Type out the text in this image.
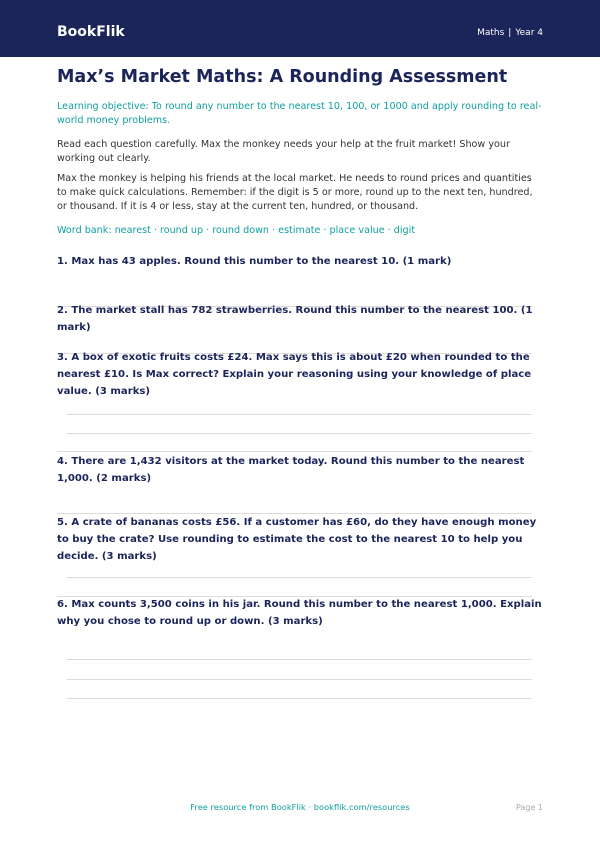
BookFlik	Maths | Year 4
Max’s Market Maths: A Rounding Assessment

Learning objective: To round any number to the nearest 10, 100, or 1000 and apply rounding to real-world money problems.

Read each question carefully. Max the monkey needs your help at the fruit market! Show your working out clearly.

Max the monkey is helping his friends at the local market. He needs to round prices and quantities to make quick calculations. Remember: if the digit is 5 or more, round up to the next ten, hundred, or thousand. If it is 4 or less, stay at the current ten, hundred, or thousand.

Word bank: nearest · round up · round down · estimate · place value · digit

1. Max has 43 apples. Round this number to the nearest 10. (1 mark)
2. The market stall has 782 strawberries. Round this number to the nearest 100. (1 mark)
3. A box of exotic fruits costs £24. Max says this is about £20 when rounded to the nearest £10. Is Max correct? Explain your reasoning using your knowledge of place value. (3 marks)
4. There are 1,432 visitors at the market today. Round this number to the nearest 1,000. (2 marks)
5. A crate of bananas costs £56. If a customer has £60, do they have enough money to buy the crate? Use rounding to estimate the cost to the nearest 10 to help you decide. (3 marks)
6. Max counts 3,500 coins in his jar. Round this number to the nearest 1,000. Explain why you chose to round up or down. (3 marks)
Free resource from BookFlik · bookflik.com/resources	Page 1
